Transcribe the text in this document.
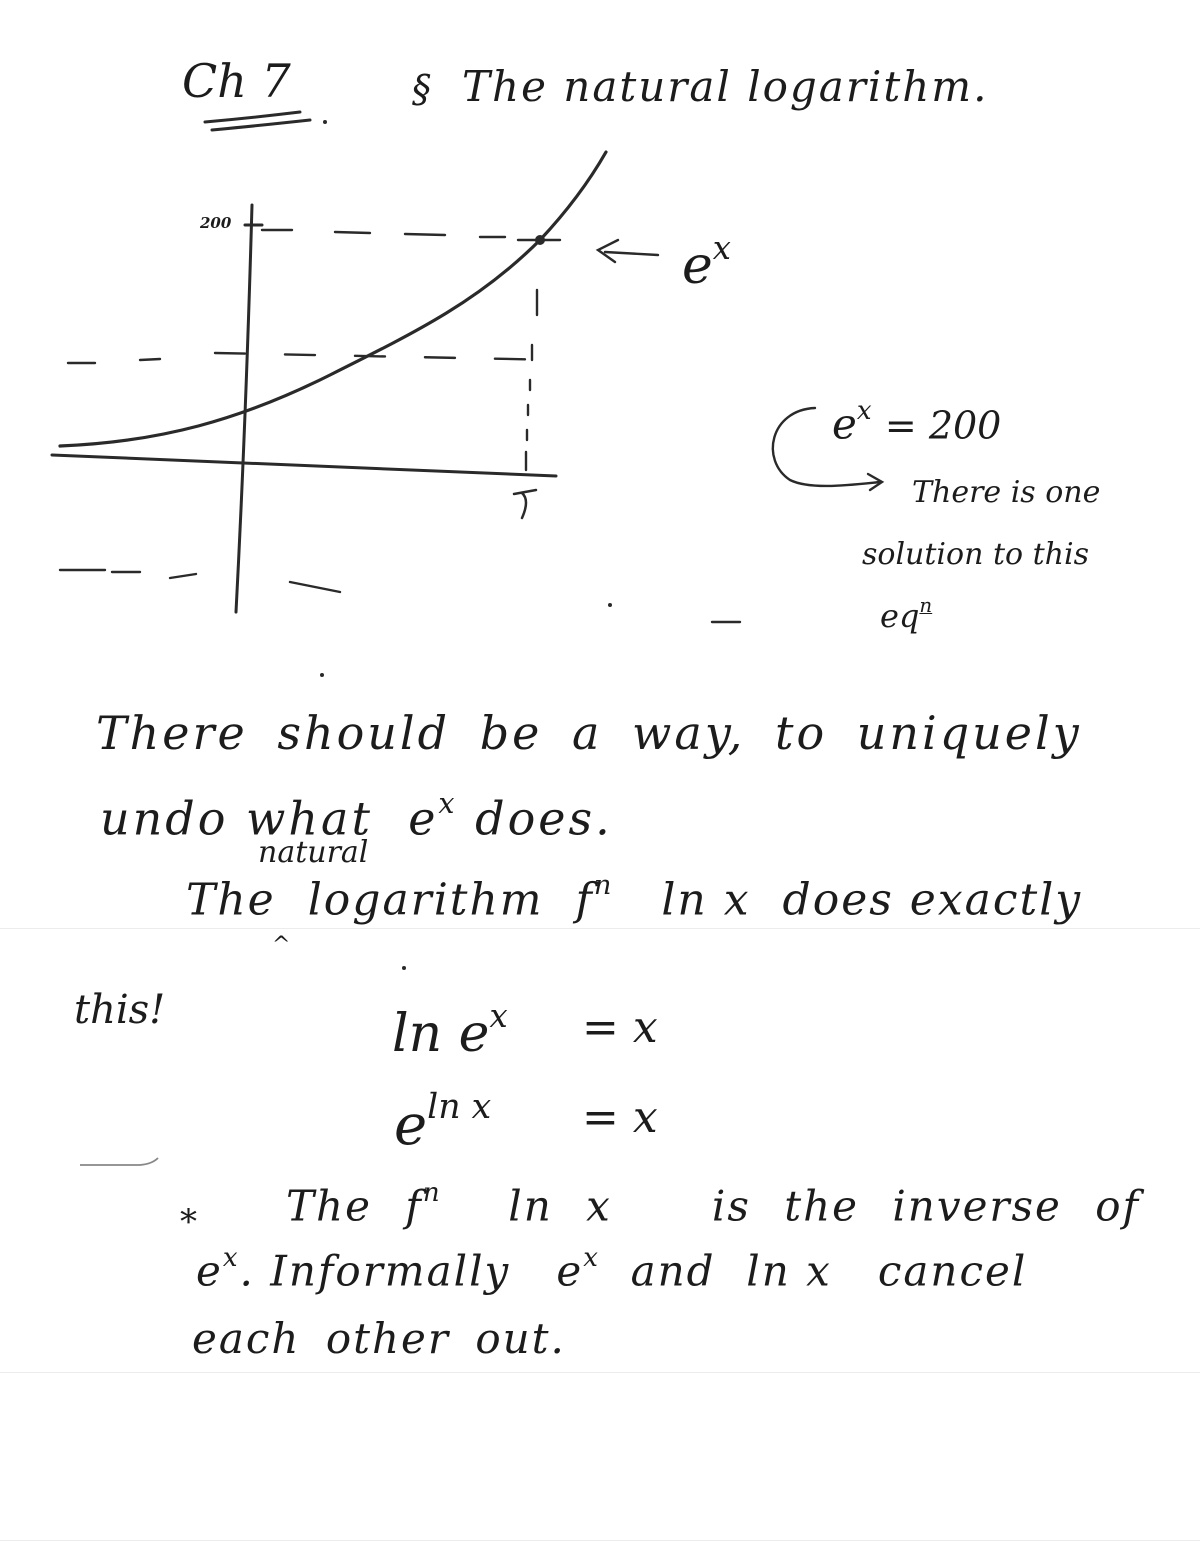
Ch 7	§ The natural logarithm.
200
$e^x$
$e^x = 200$
There is one
solution to this
$eq^n$
There should be a way, to uniquely
undo what $e^x$ does.
natural
The logarithm $f^n$ ln x does exactly
^
this!	$\ln e^x = x$
$e^{ln x} = x$
* The $f^n$ ln x is the inverse of
$e^x$. Informally $e^x$ and ln x cancel
each other out.
